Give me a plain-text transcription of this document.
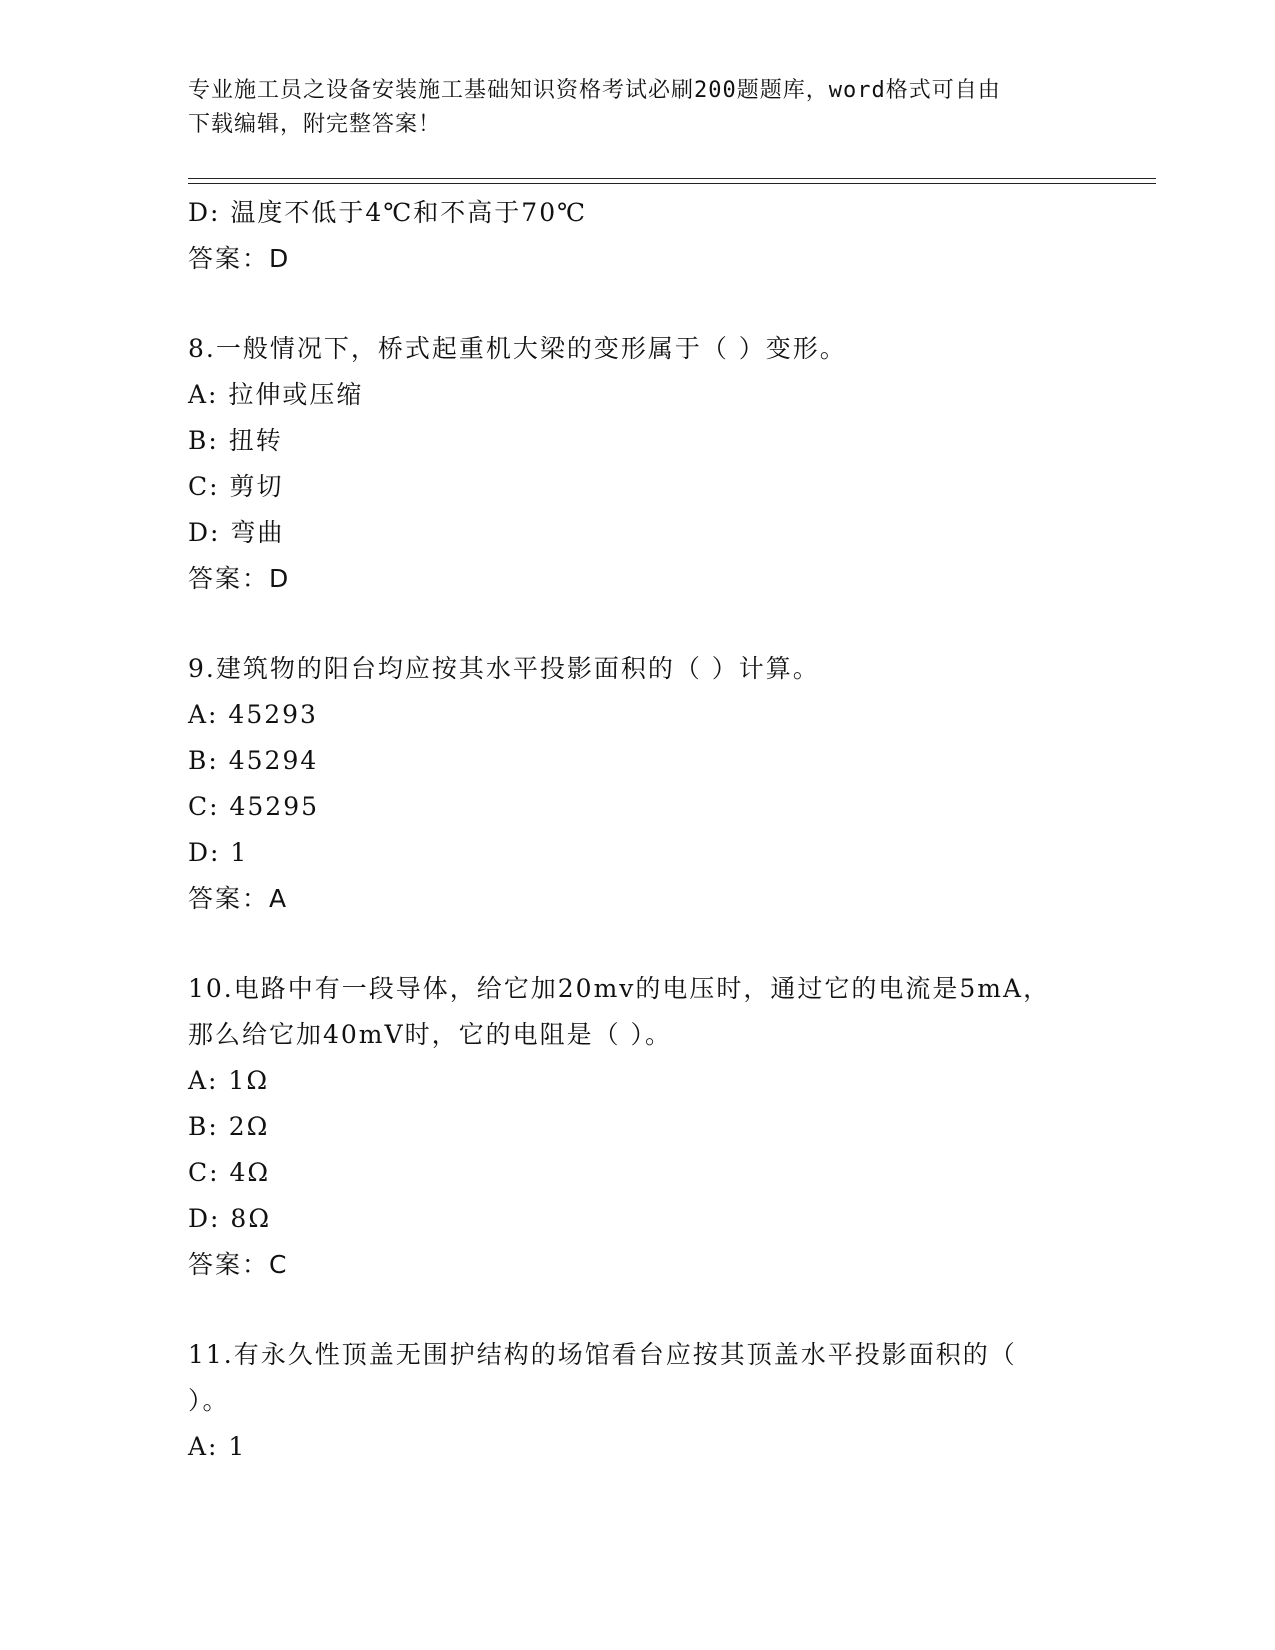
专业施工员之设备安装施工基础知识资格考试必刷200题题库，word格式可自由
下载编辑，附完整答案！
D: 温度不低于4℃和不高于70℃
答案：D
8.一般情况下，桥式起重机大梁的变形属于（ ）变形。
A: 拉伸或压缩
B: 扭转
C: 剪切
D: 弯曲
答案：D
9.建筑物的阳台均应按其水平投影面积的（ ）计算。
A: 45293
B: 45294
C: 45295
D: 1
答案：A
10.电路中有一段导体，给它加20mv的电压时，通过它的电流是5mA，
那么给它加40mV时，它的电阻是（ ）。
A: 1Ω
B: 2Ω
C: 4Ω
D: 8Ω
答案：C
11.有永久性顶盖无围护结构的场馆看台应按其顶盖水平投影面积的（
）。
A: 1
